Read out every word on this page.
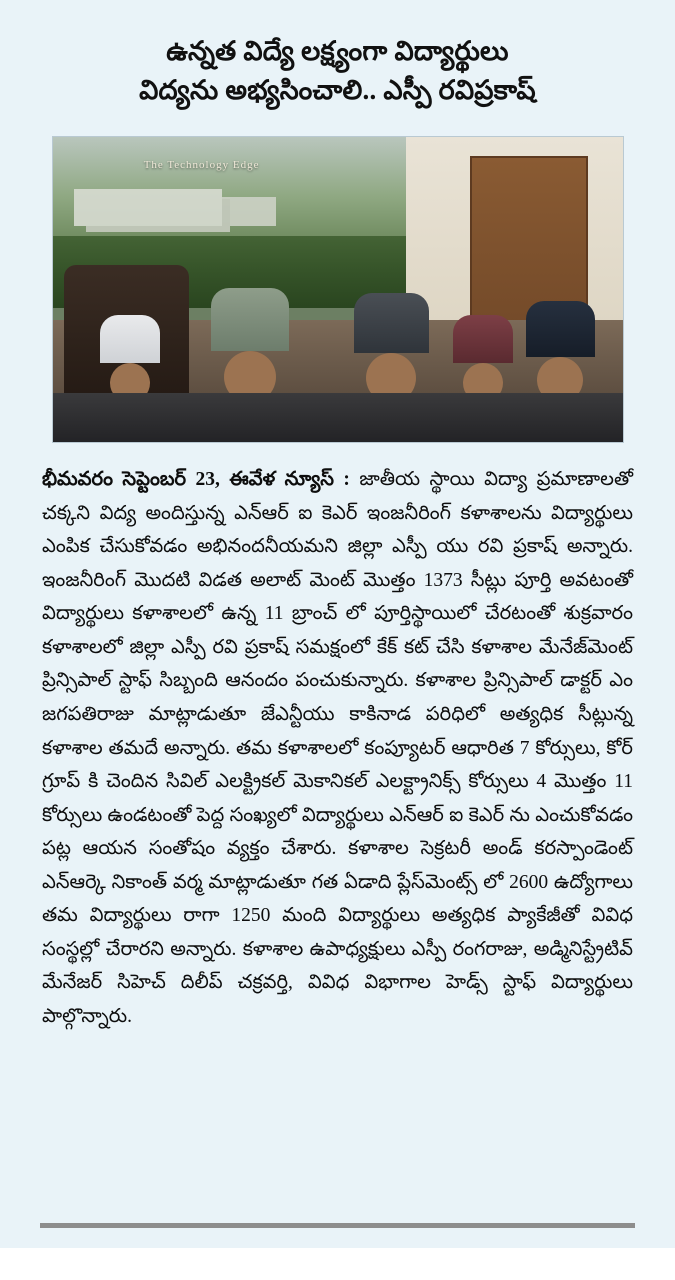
ఉన్నత విద్యే లక్ష్యంగా విద్యార్థులు
విద్యను అభ్యసించాలి.. ఎస్పీ రవిప్రకాష్
The Technology Edge

భీమవరం సెప్టెంబర్ 23, ఈవేళ న్యూస్ : జాతీయ స్థాయి విద్యా ప్రమాణాలతో చక్కని విద్య అందిస్తున్న ఎన్ఆర్ ఐ కెఎర్ ఇంజనీరింగ్ కళాశాలను విద్యార్థులు ఎంపిక చేసుకోవడం అభినందనీయమని జిల్లా ఎస్పీ యు రవి ప్రకాష్ అన్నారు. ఇంజనీరింగ్ మొదటి విడత అలాట్ మెంట్ మొత్తం 1373 సీట్లు పూర్తి అవటంతో విద్యార్థులు కళాశాలలో ఉన్న 11 బ్రాంచ్ లో పూర్తిస్థాయిలో చేరటంతో శుక్రవారం కళాశాలలో జిల్లా ఎస్పీ రవి ప్రకాష్ సమక్షంలో కేక్ కట్ చేసి కళాశాల మేనేజ్‌మెంట్ ప్రిన్సిపాల్ స్టాఫ్ సిబ్బంది ఆనందం పంచుకున్నారు. కళాశాల ప్రిన్సిపాల్ డాక్టర్ ఎం జగపతిరాజు మాట్లాడుతూ జేఎన్టీయు కాకినాడ పరిధిలో అత్యధిక సీట్లున్న కళాశాల తమదే అన్నారు. తమ కళాశాలలో కంప్యూటర్ ఆధారిత 7 కోర్సులు, కోర్ గ్రూప్ కి చెందిన సివిల్ ఎలక్ట్రికల్ మెకానికల్ ఎలక్ట్రానిక్స్ కోర్సులు 4 మొత్తం 11 కోర్సులు ఉండటంతో పెద్ద సంఖ్యలో విద్యార్థులు ఎన్ఆర్ ఐ కెఎర్ ను ఎంచుకోవడం పట్ల ఆయన సంతోషం వ్యక్తం చేశారు. కళాశాల సెక్రటరీ అండ్ కరస్పాండెంట్ ఎన్ఆర్కె నికాంత్ వర్మ మాట్లాడుతూ గత ఏడాది ప్లేస్‌మెంట్స్ లో 2600 ఉద్యోగాలు తమ విద్యార్థులు రాగా 1250 మంది విద్యార్థులు అత్యధిక ప్యాకేజీతో వివిధ సంస్థల్లో చేరారని అన్నారు. కళాశాల ఉపాధ్యక్షులు ఎస్పీ రంగరాజు, అడ్మినిస్ట్రేటివ్ మేనేజర్ సిహెచ్ దిలీప్ చక్రవర్తి, వివిధ విభాగాల హెడ్స్ స్టాఫ్ విద్యార్థులు పాల్గొన్నారు.
